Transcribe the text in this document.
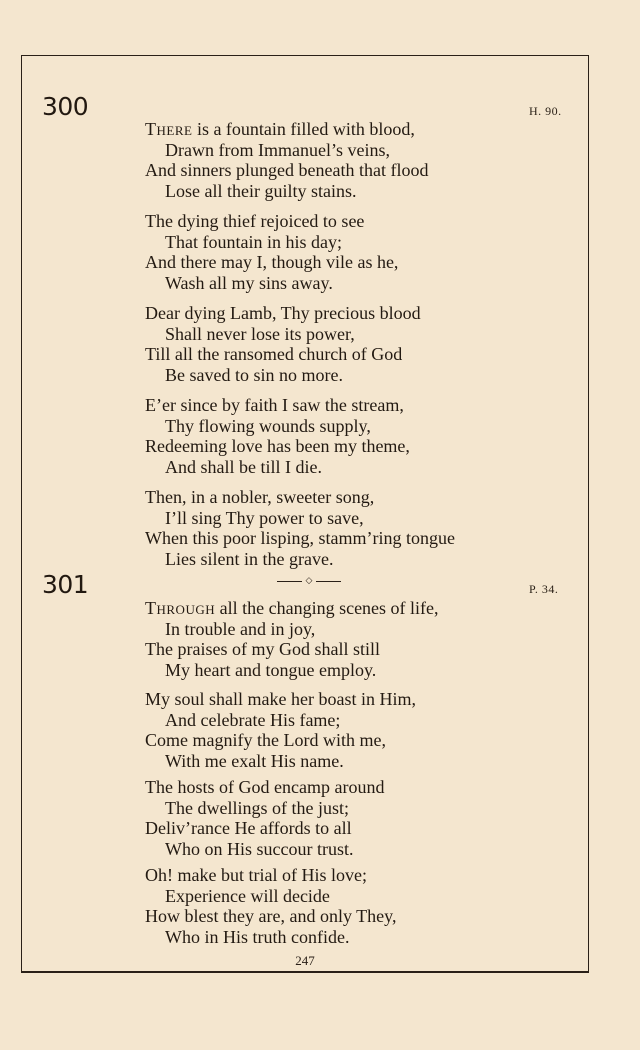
300	H. 90.
There is a fountain filled with blood,
Drawn from Immanuel’s veins,
And sinners plunged beneath that flood
Lose all their guilty stains.
The dying thief rejoiced to see
That fountain in his day;
And there may I, though vile as he,
Wash all my sins away.
Dear dying Lamb, Thy precious blood
Shall never lose its power,
Till all the ransomed church of God
Be saved to sin no more.
E’er since by faith I saw the stream,
Thy flowing wounds supply,
Redeeming love has been my theme,
And shall be till I die.
Then, in a nobler, sweeter song,
I’ll sing Thy power to save,
When this poor lisping, stamm’ring tongue
Lies silent in the grave.
◇
301	P. 34.
Through all the changing scenes of life,
In trouble and in joy,
The praises of my God shall still
My heart and tongue employ.
My soul shall make her boast in Him,
And celebrate His fame;
Come magnify the Lord with me,
With me exalt His name.
The hosts of God encamp around
The dwellings of the just;
Deliv’rance He affords to all
Who on His succour trust.
Oh! make but trial of His love;
Experience will decide
How blest they are, and only They,
Who in His truth confide.
247
